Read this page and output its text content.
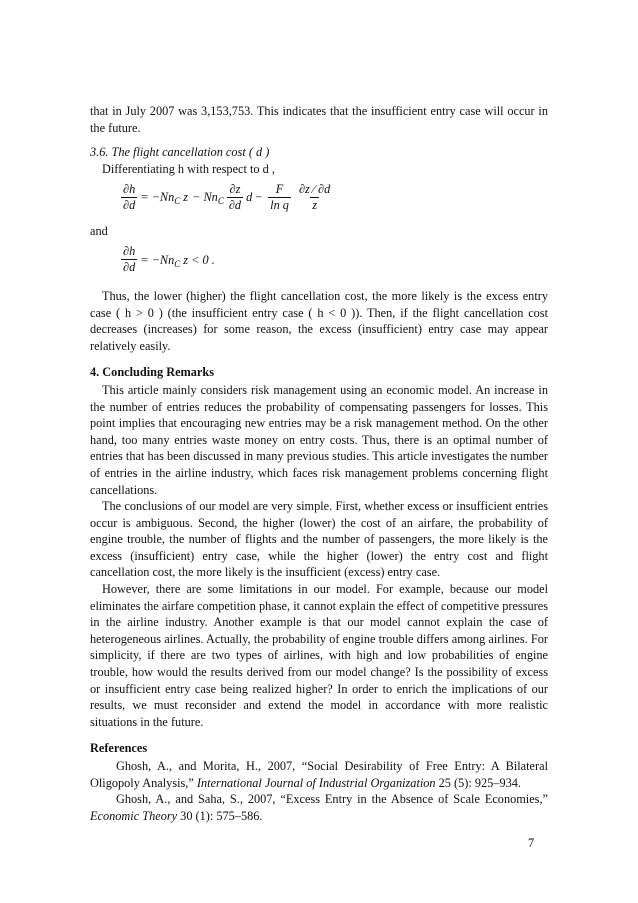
that in July 2007 was 3,153,753. This indicates that the insufficient entry case will occur in the future.

3.6. The flight cancellation cost ( d )

Differentiating h with respect to d ,

$\frac{\partial h}{\partial d} = -Nn$ C z − Nn C $\frac{\partial z}{\partial d}$ $d - \frac{F}{\text{ln q}} \frac{\partial z ∕ \partial d}{z}$

and

$\frac{\partial h}{\partial d} = -Nn$ C z < 0 .

Thus, the lower (higher) the flight cancellation cost, the more likely is the excess entry case ( h > 0 ) (the insufficient entry case ( h < 0 )). Then, if the flight cancellation cost decreases (increases) for some reason, the excess (insufficient) entry case may appear relatively easily.

4. Concluding Remarks

This article mainly considers risk management using an economic model. An increase in the number of entries reduces the probability of compensating passengers for losses. This point implies that encouraging new entries may be a risk management method. On the other hand, too many entries waste money on entry costs. Thus, there is an optimal number of entries that has been discussed in many previous studies. This article investigates the number of entries in the airline industry, which faces risk management problems concerning flight cancellations.

The conclusions of our model are very simple. First, whether excess or insufficient entries occur is ambiguous. Second, the higher (lower) the cost of an airfare, the probability of engine trouble, the number of flights and the number of passengers, the more likely is the excess (insufficient) entry case, while the higher (lower) the entry cost and flight cancellation cost, the more likely is the insufficient (excess) entry case.

However, there are some limitations in our model. For example, because our model eliminates the airfare competition phase, it cannot explain the effect of competitive pressures in the airline industry. Another example is that our model cannot explain the case of heterogeneous airlines. Actually, the probability of engine trouble differs among airlines. For simplicity, if there are two types of airlines, with high and low probabilities of engine trouble, how would the results derived from our model change? Is the possibility of excess or insufficient entry case being realized higher? In order to enrich the implications of our results, we must reconsider and extend the model in accordance with more realistic situations in the future.

References

Ghosh, A., and Morita, H., 2007, “Social Desirability of Free Entry: A Bilateral Oligopoly Analysis,” International Journal of Industrial Organization 25 (5): 925–934.

Ghosh, A., and Saha, S., 2007, “Excess Entry in the Absence of Scale Economies,” Economic Theory 30 (1): 575–586.

7
